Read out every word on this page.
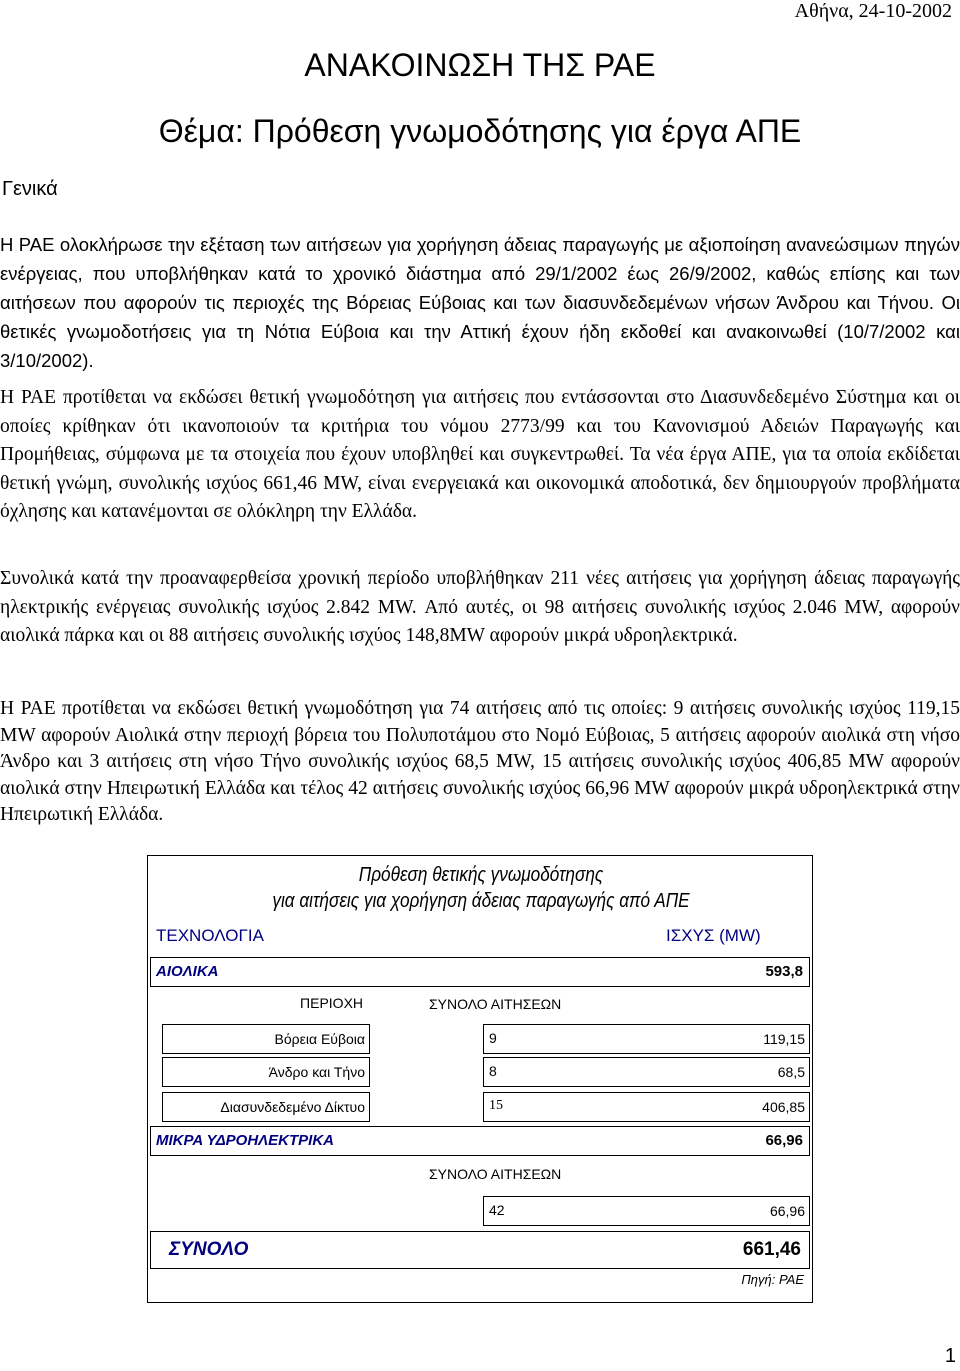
Αθήνα, 24-10-2002
ΑΝΑΚΟΙΝΩΣΗ ΤΗΣ ΡΑΕ
Θέμα: Πρόθεση γνωμοδότησης για έργα ΑΠΕ
Γενικά

Η ΡΑΕ ολοκλήρωσε την εξέταση των αιτήσεων για χορήγηση άδειας παραγωγής με αξιοποίηση ανανεώσιμων πηγών ενέργειας, που υποβλήθηκαν κατά το χρονικό διάστημα από 29/1/2002 έως 26/9/2002, καθώς επίσης και των αιτήσεων που αφορούν τις περιοχές της Βόρειας Εύβοιας και των διασυνδεδεμένων νήσων Άνδρου και Τήνου. Οι θετικές γνωμοδοτήσεις για τη Νότια Εύβοια και την Αττική έχουν ήδη εκδοθεί και ανακοινωθεί (10/7/2002 και 3/10/2002).

Η ΡΑΕ προτίθεται να εκδώσει θετική γνωμοδότηση για αιτήσεις που εντάσσονται στο Διασυνδεδεμένο Σύστημα και οι οποίες κρίθηκαν ότι ικανοποιούν τα κριτήρια του νόμου 2773/99 και του Κανονισμού Αδειών Παραγωγής και Προμήθειας, σύμφωνα με τα στοιχεία που έχουν υποβληθεί και συγκεντρωθεί. Τα νέα έργα ΑΠΕ, για τα οποία εκδίδεται θετική γνώμη, συνολικής ισχύος 661,46 MW, είναι ενεργειακά και οικονομικά αποδοτικά, δεν δημιουργούν προβλήματα όχλησης και κατανέμονται σε ολόκληρη την Ελλάδα.

Συνολικά κατά την προαναφερθείσα χρονική περίοδο υποβλήθηκαν 211 νέες αιτήσεις για χορήγηση άδειας παραγωγής ηλεκτρικής ενέργειας συνολικής ισχύος 2.842 MW. Από αυτές, οι 98 αιτήσεις συνολικής ισχύος 2.046 MW, αφορούν αιολικά πάρκα και οι 88 αιτήσεις συνολικής ισχύος 148,8MW αφορούν μικρά υδροηλεκτρικά.

Η ΡΑΕ προτίθεται να εκδώσει θετική γνωμοδότηση για 74 αιτήσεις από τις οποίες: 9 αιτήσεις συνολικής ισχύος 119,15 MW αφορούν Αιολικά στην περιοχή βόρεια του Πολυποτάμου στο Νομό Εύβοιας, 5 αιτήσεις αφορούν αιολικά στη νήσο Άνδρο και 3 αιτήσεις στη νήσο Τήνο συνολικής ισχύος 68,5 MW, 15 αιτήσεις συνολικής ισχύος 406,85 MW αφορούν αιολικά στην Ηπειρωτική Ελλάδα και τέλος 42 αιτήσεις συνολικής ισχύος 66,96 MW αφορούν μικρά υδροηλεκτρικά στην Ηπειρωτική Ελλάδα.

Πρόθεση θετικής γνωμοδότησης
για αιτήσεις για χορήγηση άδειας παραγωγής από ΑΠΕ
ΤΕΧΝΟΛΟΓΙΑ	ΙΣΧΥΣ (MW)
ΑΙΟΛΙΚΑ	593,8
ΠΕΡΙΟΧΗ	ΣΥΝΟΛΟ ΑΙΤΗΣΕΩΝ
Βόρεια Εύβοια	9	119,15
Άνδρο και Τήνο	8	68,5
Διασυνδεδεμένο Δίκτυο	15	406,85
ΜΙΚΡΑ ΥΔΡΟΗΛΕΚΤΡΙΚΑ	66,96
ΣΥΝΟΛΟ ΑΙΤΗΣΕΩΝ
42	66,96
ΣΥΝΟΛΟ	661,46
Πηγή: ΡΑΕ
1
